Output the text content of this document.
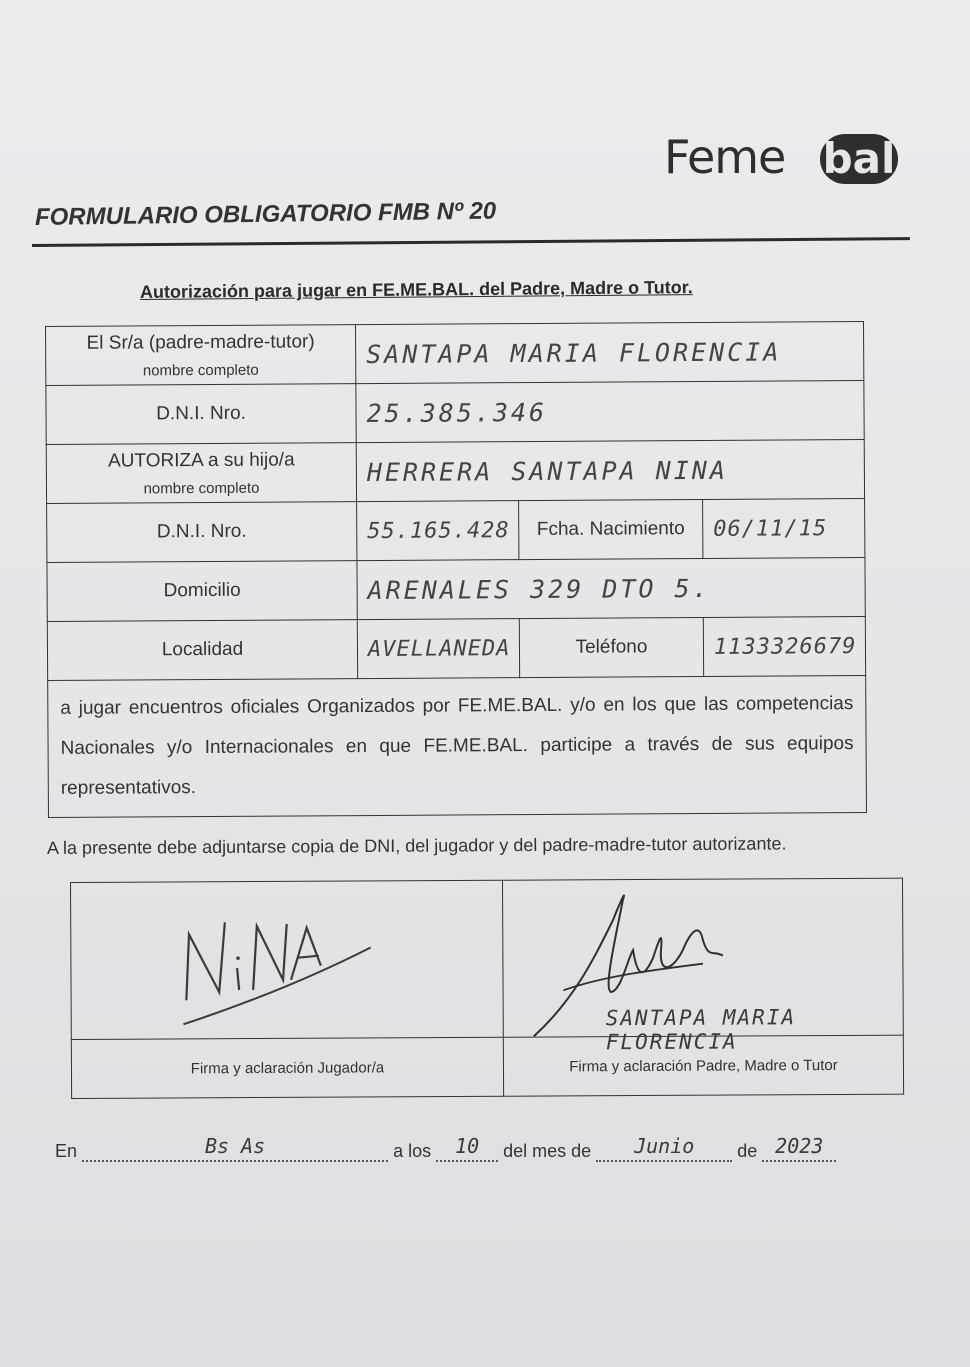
Feme bal
FORMULARIO OBLIGATORIO FMB Nº 20
Autorización para jugar en FE.ME.BAL. del Padre, Madre o Tutor.
El Sr/a (padre-madre-tutor)
nombre completo	SANTAPA MARIA FLORENCIA		
D.N.I. Nro.	25.385.346		
AUTORIZA a su hijo/a
nombre completo	HERRERA SANTAPA NINA		
D.N.I. Nro.	55.165.428	Fcha. Nacimiento	06/11/15
Domicilio	ARENALES 329 DTO 5.		
Localidad	AVELLANEDA	Teléfono	1133326679
a jugar encuentros oficiales Organizados por FE.ME.BAL. y/o en los que las competencias Nacionales y/o Internacionales en que FE.ME.BAL. participe a través de sus equipos representativos.			
A la presente debe adjuntarse copia de DNI, del jugador y del padre-madre-tutor autorizante.

SANTAPA MARIA FLORENCIA

Firma y aclaración Jugador/a	Firma y aclaración Padre, Madre o Tutor
En	Bs As	a los 10 del mes de Junio de 2023
